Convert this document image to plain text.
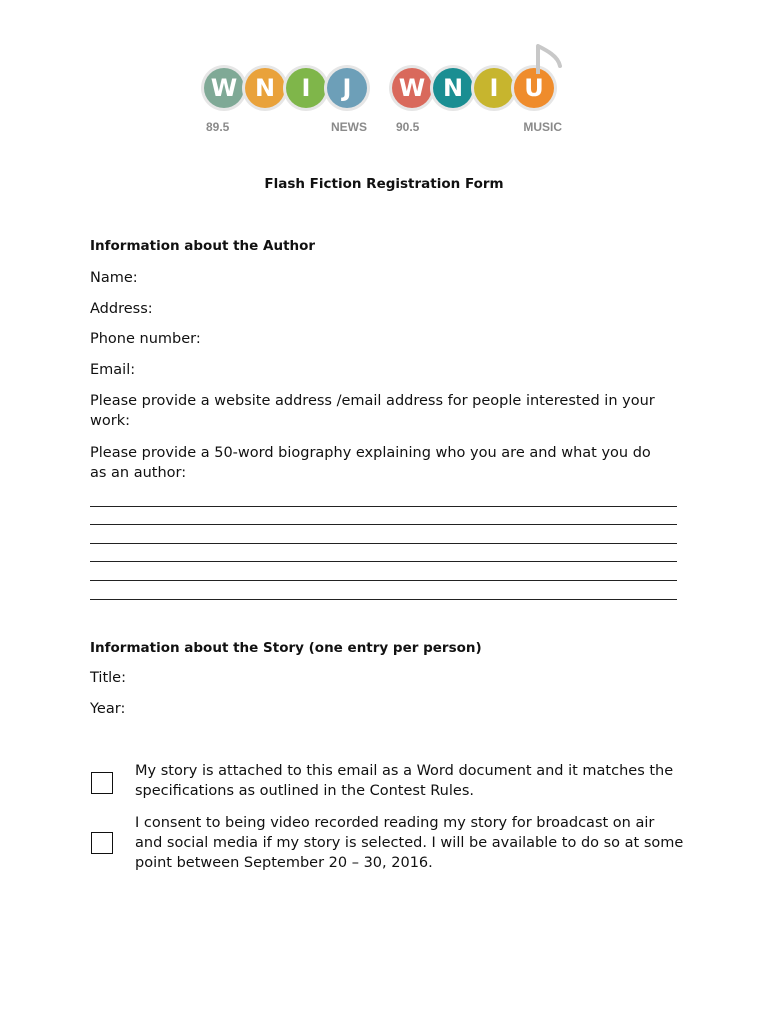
W N	I	J
89.5	NEWS
W N	I	U
90.5	MUSIC
Flash Fiction Registration Form
Information about the Author
Name:
Address:
Phone number:
Email:
Please provide a website address /email address for people interested in your work:
Please provide a 50-word biography explaining who you are and what you do as an author:
Information about the Story (one entry per person)
Title:
Year:
My story is attached to this email as a Word document and it matches the specifications as outlined in the Contest Rules.
I consent to being video recorded reading my story for broadcast on air and social media if my story is selected. I will be available to do so at some point between September 20 – 30, 2016.
